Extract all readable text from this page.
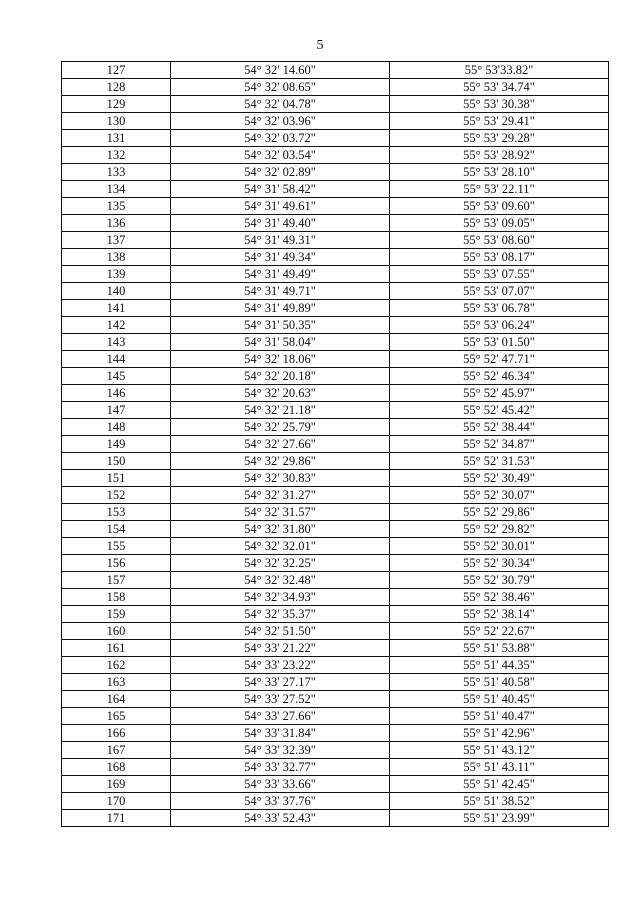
5
127	54° 32' 14.60"	55° 53'33.82"
128	54° 32' 08.65"	55° 53' 34.74"
129	54° 32' 04.78"	55° 53' 30.38"
130	54° 32' 03.96"	55° 53' 29.41"
131	54° 32' 03.72"	55° 53' 29.28"
132	54° 32' 03.54"	55° 53' 28.92"
133	54° 32' 02.89"	55° 53' 28.10"
134	54° 31' 58.42"	55° 53' 22.11"
135	54° 31' 49.61"	55° 53' 09.60"
136	54° 31' 49.40"	55° 53' 09.05"
137	54° 31' 49.31"	55° 53' 08.60"
138	54° 31' 49.34"	55° 53' 08.17"
139	54° 31' 49.49"	55° 53' 07.55"
140	54° 31' 49.71"	55° 53' 07.07"
141	54° 31' 49.89"	55° 53' 06.78"
142	54° 31' 50.35"	55° 53' 06.24"
143	54° 31' 58.04"	55° 53' 01.50"
144	54° 32' 18.06"	55° 52' 47.71"
145	54° 32' 20.18"	55° 52' 46.34"
146	54° 32' 20.63"	55° 52' 45.97"
147	54° 32' 21.18"	55° 52' 45.42"
148	54° 32' 25.79"	55° 52' 38.44"
149	54° 32' 27.66"	55° 52' 34.87"
150	54° 32' 29.86"	55° 52' 31.53"
151	54° 32' 30.83"	55° 52' 30.49"
152	54° 32' 31.27"	55° 52' 30.07"
153	54° 32' 31.57"	55° 52' 29.86"
154	54° 32' 31.80"	55° 52' 29.82"
155	54° 32' 32.01"	55° 52' 30.01"
156	54° 32' 32.25"	55° 52' 30.34"
157	54° 32' 32.48"	55° 52' 30.79"
158	54° 32' 34.93"	55° 52' 38.46"
159	54° 32' 35.37"	55° 52' 38.14"
160	54° 32' 51.50"	55° 52' 22.67"
161	54° 33' 21.22"	55° 51' 53.88"
162	54° 33' 23.22"	55° 51' 44.35"
163	54° 33' 27.17"	55° 51' 40.58"
164	54° 33' 27.52"	55° 51' 40.45"
165	54° 33' 27.66"	55° 51' 40.47"
166	54° 33' 31.84"	55° 51' 42.96"
167	54° 33' 32.39"	55° 51' 43.12"
168	54° 33' 32.77"	55° 51' 43.11"
169	54° 33' 33.66"	55° 51' 42.45"
170	54° 33' 37.76"	55° 51' 38.52"
171	54° 33' 52.43"	55° 51' 23.99"
